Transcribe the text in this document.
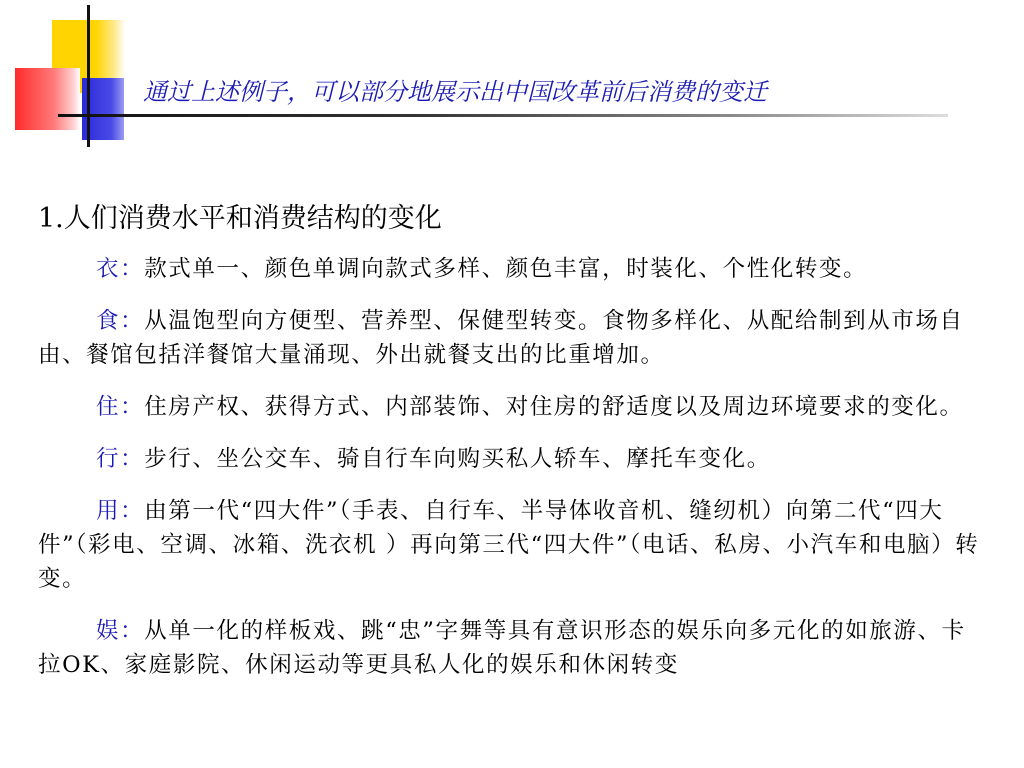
通过上述例子，可以部分地展示出中国改革前后消费的变迁
1.人们消费水平和消费结构的变化

衣：款式单一、颜色单调向款式多样、颜色丰富，时装化、个性化转变。

食：从温饱型向方便型、营养型、保健型转变。食物多样化、从配给制到从市场自由、餐馆包括洋餐馆大量涌现、外出就餐支出的比重增加。

住：住房产权、获得方式、内部装饰、对住房的舒适度以及周边环境要求的变化。

行：步行、坐公交车、骑自行车向购买私人轿车、摩托车变化。

用：由第一代“四大件”（手表、自行车、半导体收音机、缝纫机）向第二代“四大件”（彩电、空调、冰箱、洗衣机 ）再向第三代“四大件”（电话、私房、小汽车和电脑）转变。

娱：从单一化的样板戏、跳“忠”字舞等具有意识形态的娱乐向多元化的如旅游、卡拉OK、家庭影院、休闲运动等更具私人化的娱乐和休闲转变
